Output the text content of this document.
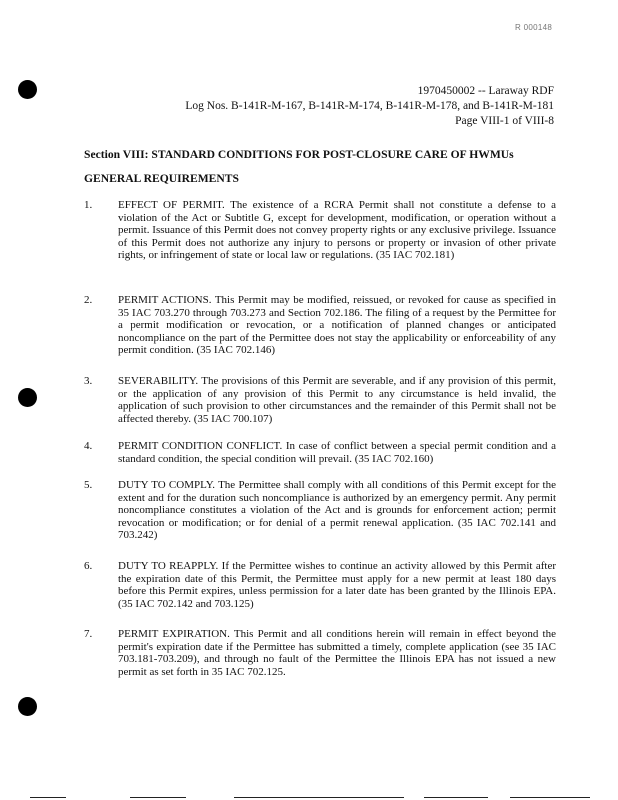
R 000148
1970450002 -- Laraway RDF
Log Nos. B-141R-M-167, B-141R-M-174, B-141R-M-178, and B-141R-M-181
Page VIII-1 of VIII-8
Section VIII: STANDARD CONDITIONS FOR POST-CLOSURE CARE OF HWMUs
GENERAL REQUIREMENTS
1. EFFECT OF PERMIT. The existence of a RCRA Permit shall not constitute a defense to a violation of the Act or Subtitle G, except for development, modification, or operation without a permit. Issuance of this Permit does not convey property rights or any exclusive privilege. Issuance of this Permit does not authorize any injury to persons or property or invasion of other private rights, or infringement of state or local law or regulations. (35 IAC 702.181)
2. PERMIT ACTIONS. This Permit may be modified, reissued, or revoked for cause as specified in 35 IAC 703.270 through 703.273 and Section 702.186. The filing of a request by the Permittee for a permit modification or revocation, or a notification of planned changes or anticipated noncompliance on the part of the Permittee does not stay the applicability or enforceability of any permit condition. (35 IAC 702.146)
3. SEVERABILITY. The provisions of this Permit are severable, and if any provision of this permit, or the application of any provision of this Permit to any circumstance is held invalid, the application of such provision to other circumstances and the remainder of this Permit shall not be affected thereby. (35 IAC 700.107)
4. PERMIT CONDITION CONFLICT. In case of conflict between a special permit condition and a standard condition, the special condition will prevail. (35 IAC 702.160)
5. DUTY TO COMPLY. The Permittee shall comply with all conditions of this Permit except for the extent and for the duration such noncompliance is authorized by an emergency permit. Any permit noncompliance constitutes a violation of the Act and is grounds for enforcement action; permit revocation or modification; or for denial of a permit renewal application. (35 IAC 702.141 and 703.242)
6. DUTY TO REAPPLY. If the Permittee wishes to continue an activity allowed by this Permit after the expiration date of this Permit, the Permittee must apply for a new permit at least 180 days before this Permit expires, unless permission for a later date has been granted by the Illinois EPA. (35 IAC 702.142 and 703.125)
7. PERMIT EXPIRATION. This Permit and all conditions herein will remain in effect beyond the permit's expiration date if the Permittee has submitted a timely, complete application (see 35 IAC 703.181-703.209), and through no fault of the Permittee the Illinois EPA has not issued a new permit as set forth in 35 IAC 702.125.
